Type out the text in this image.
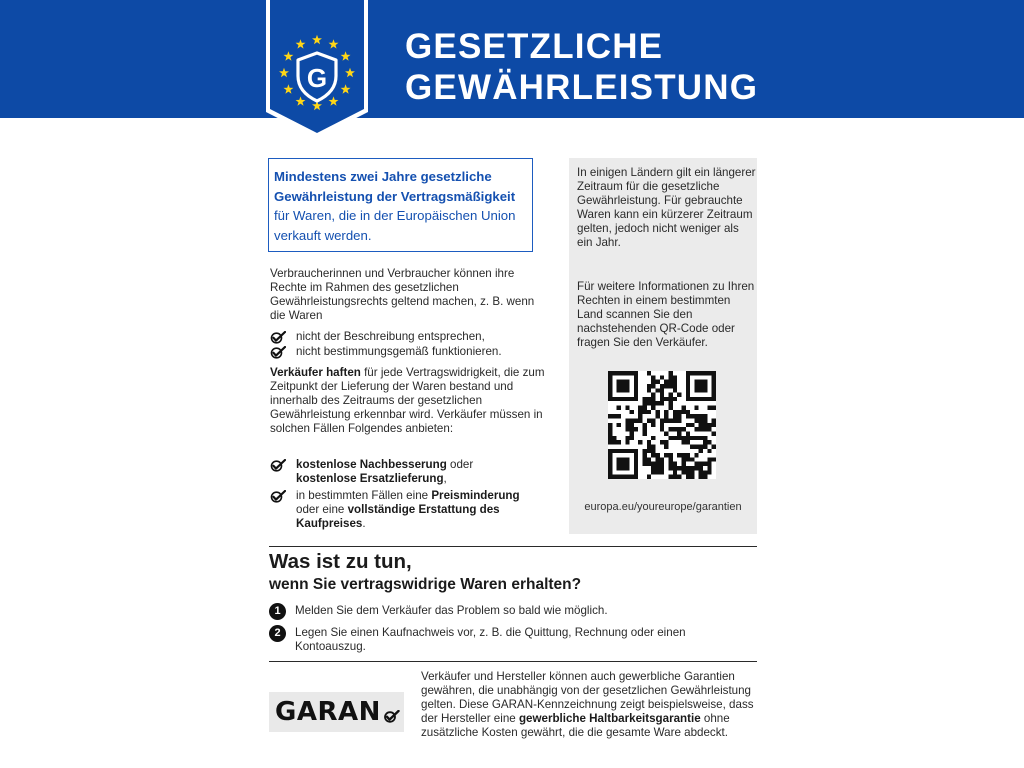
G
GESETZLICHE
GEWÄHRLEISTUNG
Mindestens zwei Jahre gesetzliche Gewährleistung der Vertragsmäßigkeit für Waren, die in der Europäischen Union verkauft werden.
Verbraucherinnen und Verbraucher können ihre Rechte im Rahmen des gesetzlichen Gewährleistungsrechts geltend machen, z. B. wenn die Waren
nicht der Beschreibung entsprechen,
nicht bestimmungsgemäß funktionieren.
Verkäufer haften für jede Vertragswidrigkeit, die zum Zeitpunkt der Lieferung der Waren bestand und innerhalb des Zeitraums der gesetzlichen Gewährleistung erkennbar wird. Verkäufer müssen in solchen Fällen Folgendes anbieten:
kostenlose Nachbesserung oder kostenlose Ersatzlieferung,
in bestimmten Fällen eine Preisminderung oder eine vollständige Erstattung des Kaufpreises.
In einigen Ländern gilt ein längerer Zeitraum für die gesetzliche Gewährleistung. Für gebrauchte Waren kann ein kürzerer Zeitraum gelten, jedoch nicht weniger als ein Jahr.
Für weitere Informationen zu Ihren Rechten in einem bestimmten Land scannen Sie den nachstehenden QR-Code oder fragen Sie den Verkäufer.
europa.eu/youreurope/garantien
Was ist zu tun,
wenn Sie vertragswidrige Waren erhalten?
1	Melden Sie dem Verkäufer das Problem so bald wie möglich.
2	Legen Sie einen Kaufnachweis vor, z. B. die Quittung, Rechnung oder einen Kontoauszug.
GARAN
Verkäufer und Hersteller können auch gewerbliche Garantien gewähren, die unabhängig von der gesetzlichen Gewährleistung gelten. Diese GARAN-Kennzeichnung zeigt beispielsweise, dass der Hersteller eine gewerbliche Haltbarkeitsgarantie ohne zusätzliche Kosten gewährt, die die gesamte Ware abdeckt.
